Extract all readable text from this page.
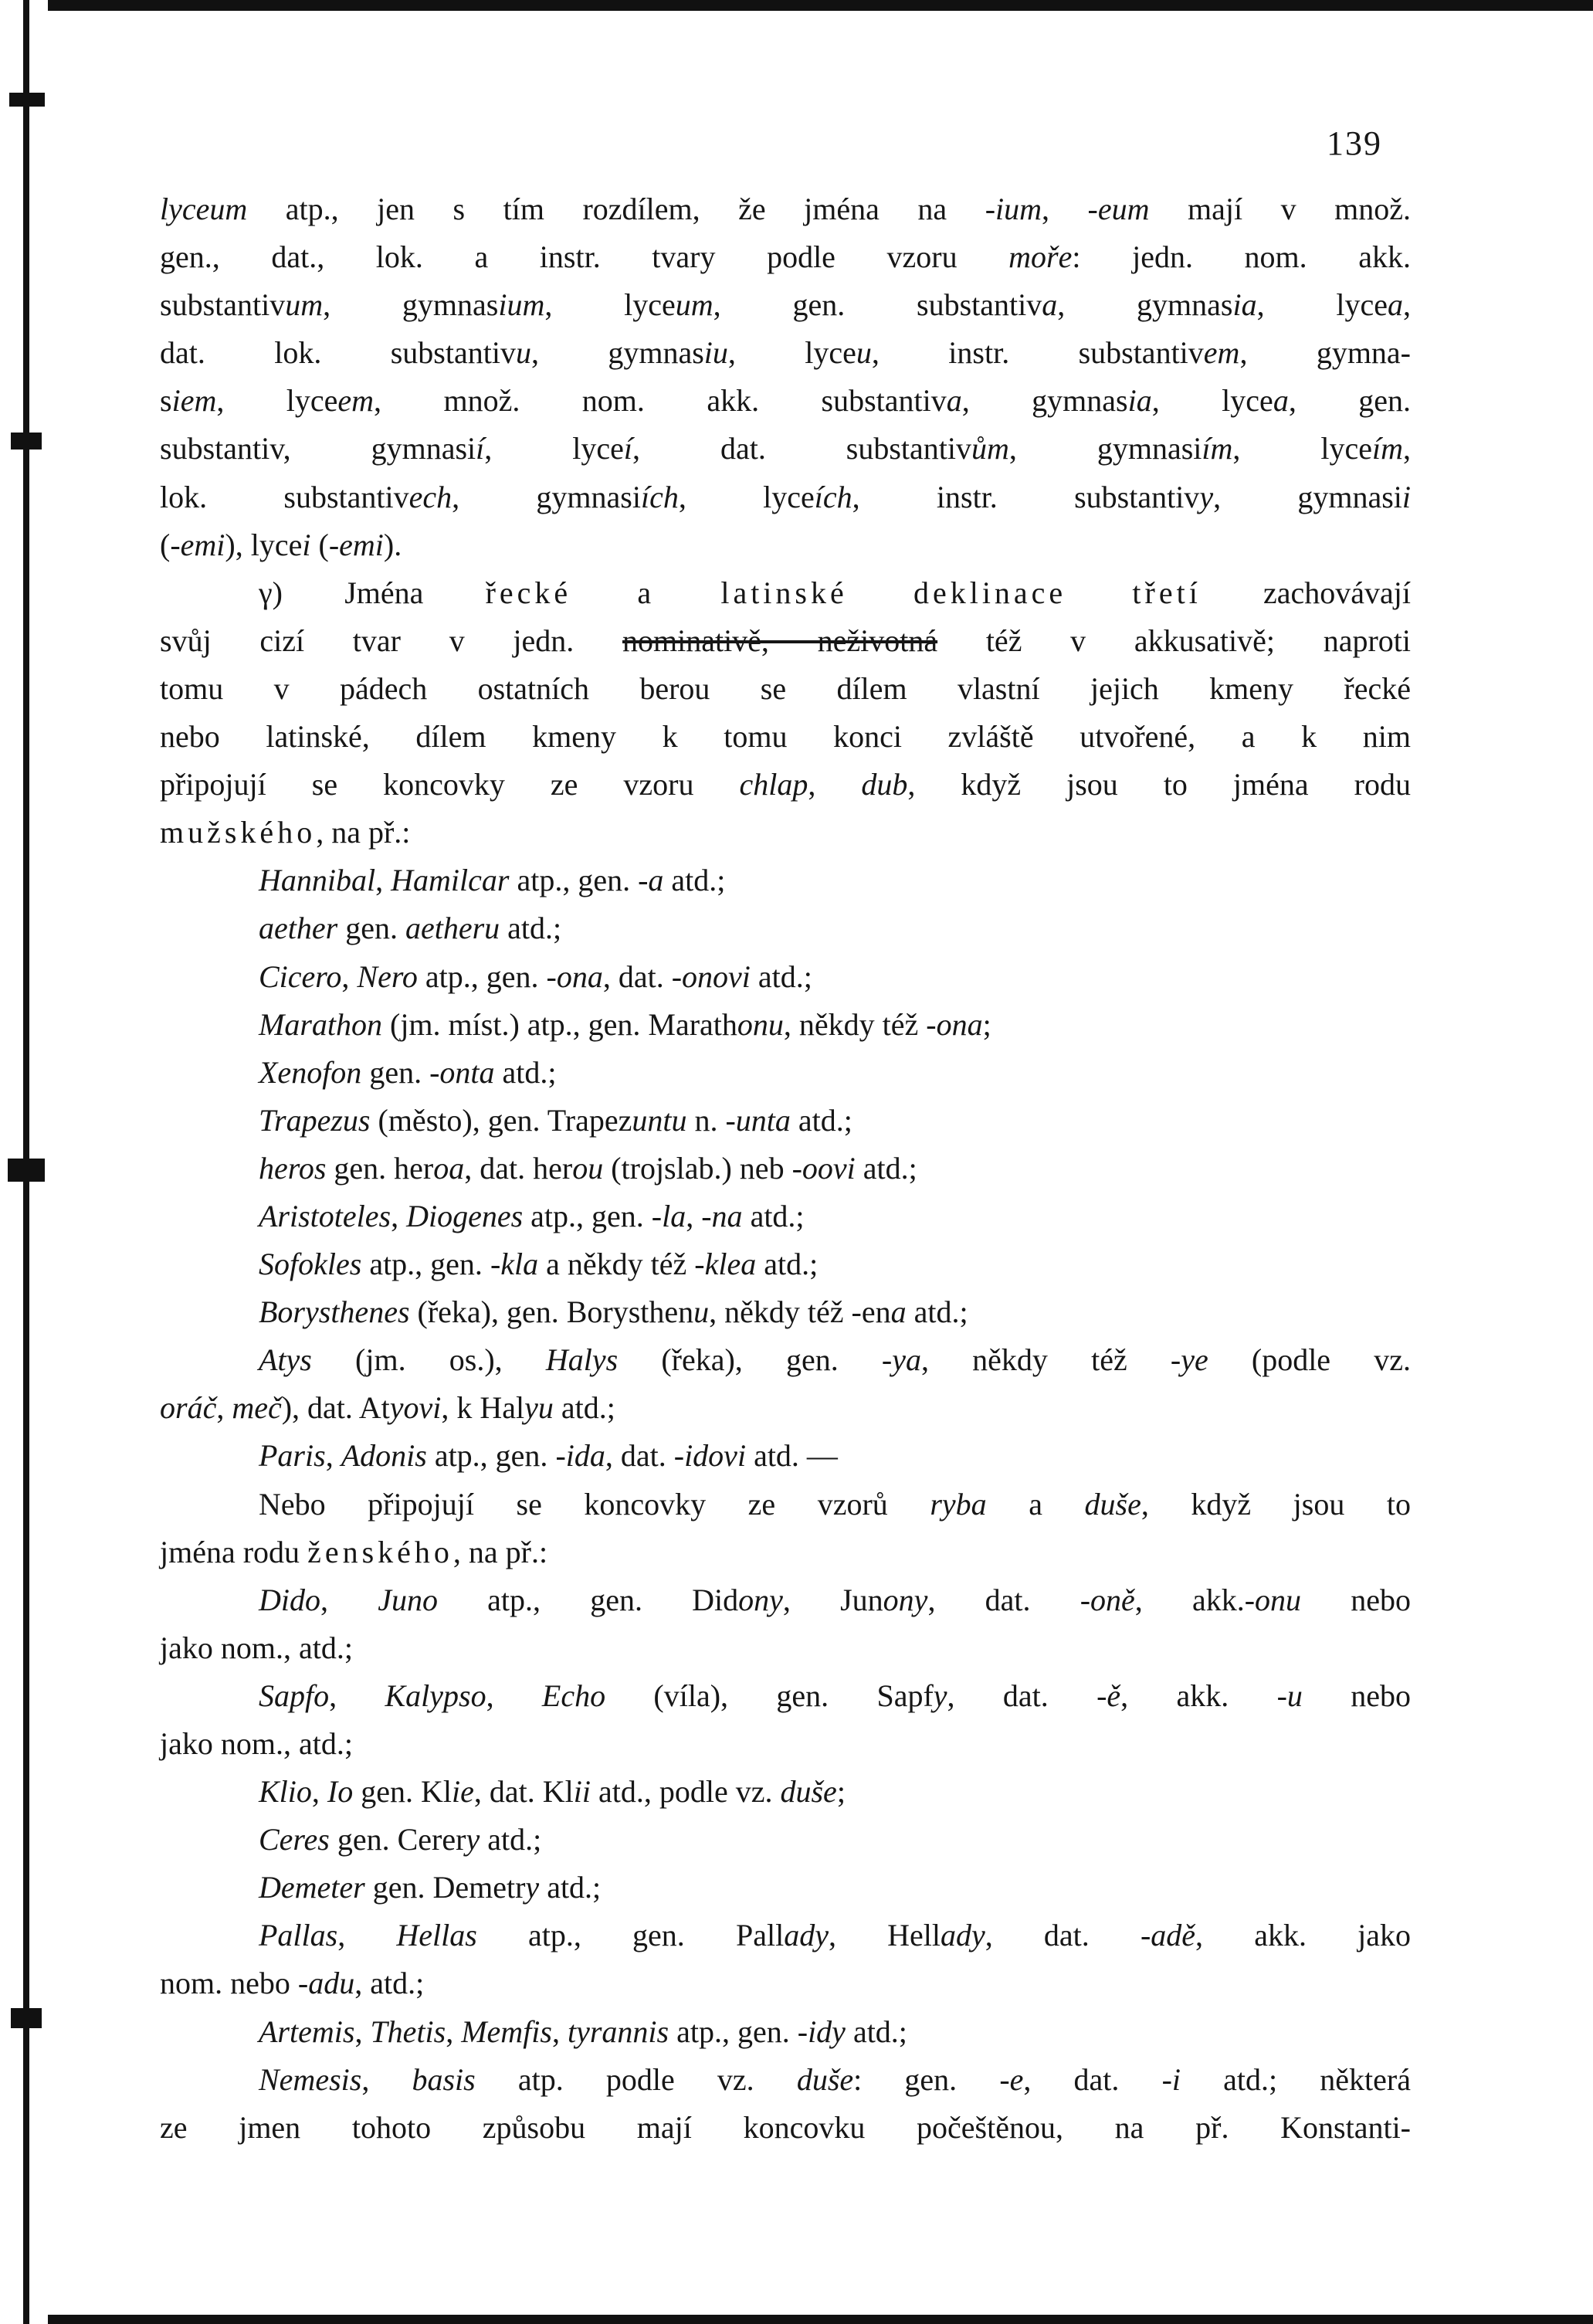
139
lyceum atp., jen s tím rozdílem, že jména na -ium, -eum mají v množ.
gen., dat., lok. a instr. tvary podle vzoru moře: jedn. nom. akk.
substantivum, gymnasium, lyceum, gen. substantiva, gymnasia, lycea,
dat. lok. substantivu, gymnasiu, lyceu, instr. substantivem, gymna-
siem, lyceem, množ. nom. akk. substantiva, gymnasia, lycea, gen.
substantiv, gymnasií, lyceí, dat. substantivům, gymnasiím, lyceím,
lok. substantivech, gymnasiích, lyceích, instr. substantivy, gymnasii
(-emi), lycei (-emi).
γ) Jména řecké a latinské deklinace třetí zachovávají
svůj cizí tvar v jedn. nominativě, neživotná též v akkusativě; naproti
tomu v pádech ostatních berou se dílem vlastní jejich kmeny řecké
nebo latinské, dílem kmeny k tomu konci zvláště utvořené, a k nim
připojují se koncovky ze vzoru chlap, dub, když jsou to jména rodu
mužského, na př.:
Hannibal, Hamilcar atp., gen. -a atd.;
aether gen. aetheru atd.;
Cicero, Nero atp., gen. -ona, dat. -onovi atd.;
Marathon (jm. míst.) atp., gen. Marathonu, někdy též -ona;
Xenofon gen. -onta atd.;
Trapezus (město), gen. Trapezuntu n. -unta atd.;
heros gen. heroa, dat. herou (trojslab.) neb -oovi atd.;
Aristoteles, Diogenes atp., gen. -la, -na atd.;
Sofokles atp., gen. -kla a někdy též -klea atd.;
Borysthenes (řeka), gen. Borysthenu, někdy též -ena atd.;
Atys (jm. os.), Halys (řeka), gen. -ya, někdy též -ye (podle vz.
oráč, meč), dat. Atyovi, k Halyu atd.;
Paris, Adonis atp., gen. -ida, dat. -idovi atd. —
Nebo připojují se koncovky ze vzorů ryba a duše, když jsou to
jména rodu ženského, na př.:
Dido, Juno atp., gen. Didony, Junony, dat. -oně, akk.-onu nebo
jako nom., atd.;
Sapfo, Kalypso, Echo (víla), gen. Sapfy, dat. -ě, akk. -u nebo
jako nom., atd.;
Klio, Io gen. Klie, dat. Klii atd., podle vz. duše;
Ceres gen. Cerery atd.;
Demeter gen. Demetry atd.;
Pallas, Hellas atp., gen. Pallady, Hellady, dat. -adě, akk. jako
nom. nebo -adu, atd.;
Artemis, Thetis, Memfis, tyrannis atp., gen. -idy atd.;
Nemesis, basis atp. podle vz. duše: gen. -e, dat. -i atd.; některá
ze jmen tohoto způsobu mají koncovku počeštěnou, na př. Konstanti-
